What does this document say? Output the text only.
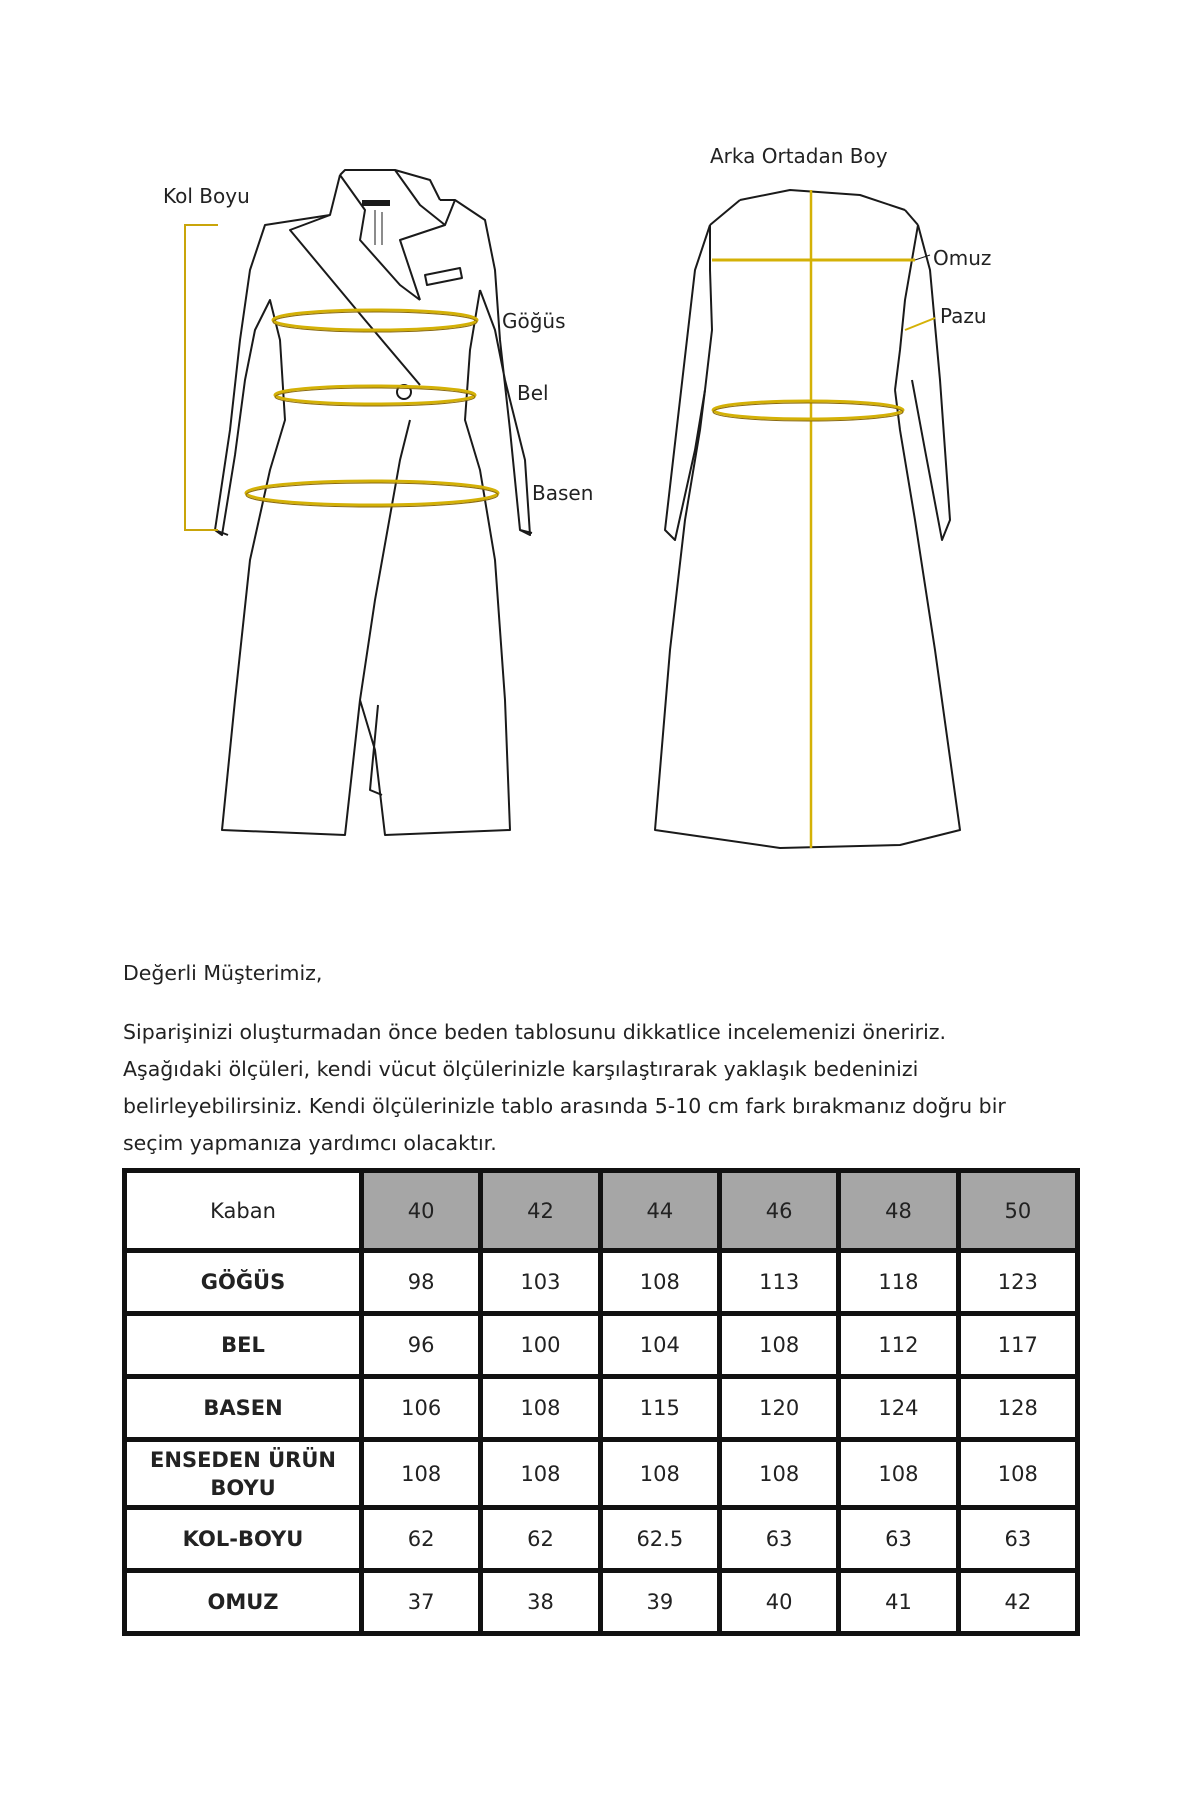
Kol Boyu
Göğüs
Bel
Basen
Arka Ortadan Boy
Omuz
Pazu

Değerli Müşterimiz,

Siparişinizi oluşturmadan önce beden tablosunu dikkatlice incelemenizi öneririz.

Aşağıdaki ölçüleri, kendi vücut ölçülerinizle karşılaştırarak yaklaşık bedeninizi

belirleyebilirsiniz. Kendi ölçülerinizle tablo arasında 5-10 cm fark bırakmanız doğru bir

seçim yapmanıza yardımcı olacaktır.

Kaban	40	42	44	46	48	50
GÖĞÜS	98	103	108	113	118	123
BEL	96	100	104	108	112	117
BASEN	106	108	115	120	124	128
ENSEDEN ÜRÜN BOYU	108	108	108	108	108	108
KOL-BOYU	62	62	62.5	63	63	63
OMUZ	37	38	39	40	41	42
